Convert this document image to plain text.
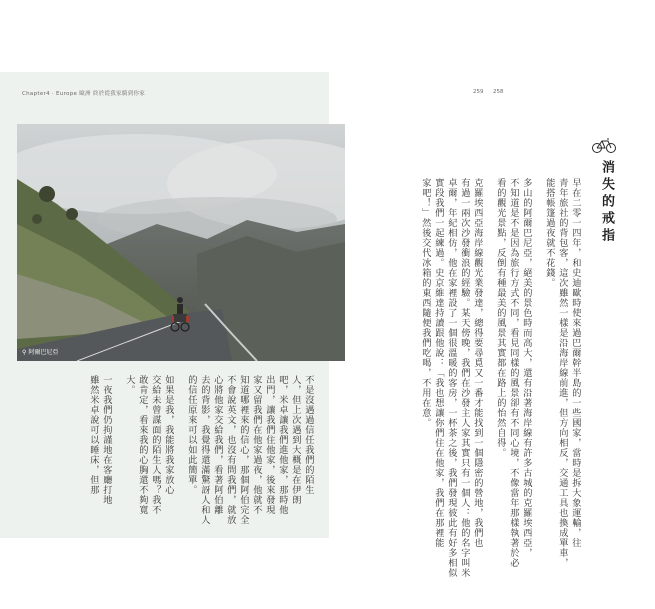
Chapter4 · Europe 歐洲 終於從我家騎到你家	259 258
⚲ 阿爾巴尼亞
消失的戒指
早在二零一四年，和史迪歐時使來過巴爾幹半島的一些國家，當時是拆大象運輸，往
青年旅社的背包客，這次雖然一樣是沿海岸線前進，但方向相反，交通工具也換成單車，
能搭帳篷過夜就不花錢。
多山的阿爾巴尼亞，絕美的景色時而高大，還有沿著海岸線有許多古城的克羅埃西亞，
不知道是不是因為旅行方式不同，看見同樣的風景卻有不同心境，不像當年那樣執著於必
看的觀光景點，反倒有種最美的風景其實都在路上的怡然自得。
克羅埃西亞海岸線觀光業發達，總得要尋覓又一番才能找到一個隱密的營地，我們也
有過一兩次沙發衝浪的經驗。某天傍晚，我們在沙發主人家其實只有一個人：他的名字叫米
卓爾，年紀相仿，他在家裡設了一個很溫暖的客房，一杯茶之後，我們發現彼此有好多相似
實段我們一起練過。史京維達持讀跟他說：「我也想讓你們住在他家，我們在那裡能
家吧！」然後交代冰箱的東西隨便我們吃喝，不用在意。
不是沒遇過信任我們的陌生
人，但上次遇到大概是在伊朗
吧，米卓讓我們進他家，那時他
出門，讓我們住他家，後來發現
家又留我們在他家過夜，他就不
知道哪裡來的信心，那個阿伯完全
不會說英文，也沒有問我們，就放
心將他家交給我們，看著阿伯離
去的背影，我覺得還滿驚訝人和人
的信任原來可以如此簡單。
如果是我，我能將我家放心
交給未曾謀面的陌生人嗎？我不
敢肯定，看來我的心胸還不夠寬
大。
一夜我們仍拘謹地在客廳打地
雖然米卓說可以睡床，但那
